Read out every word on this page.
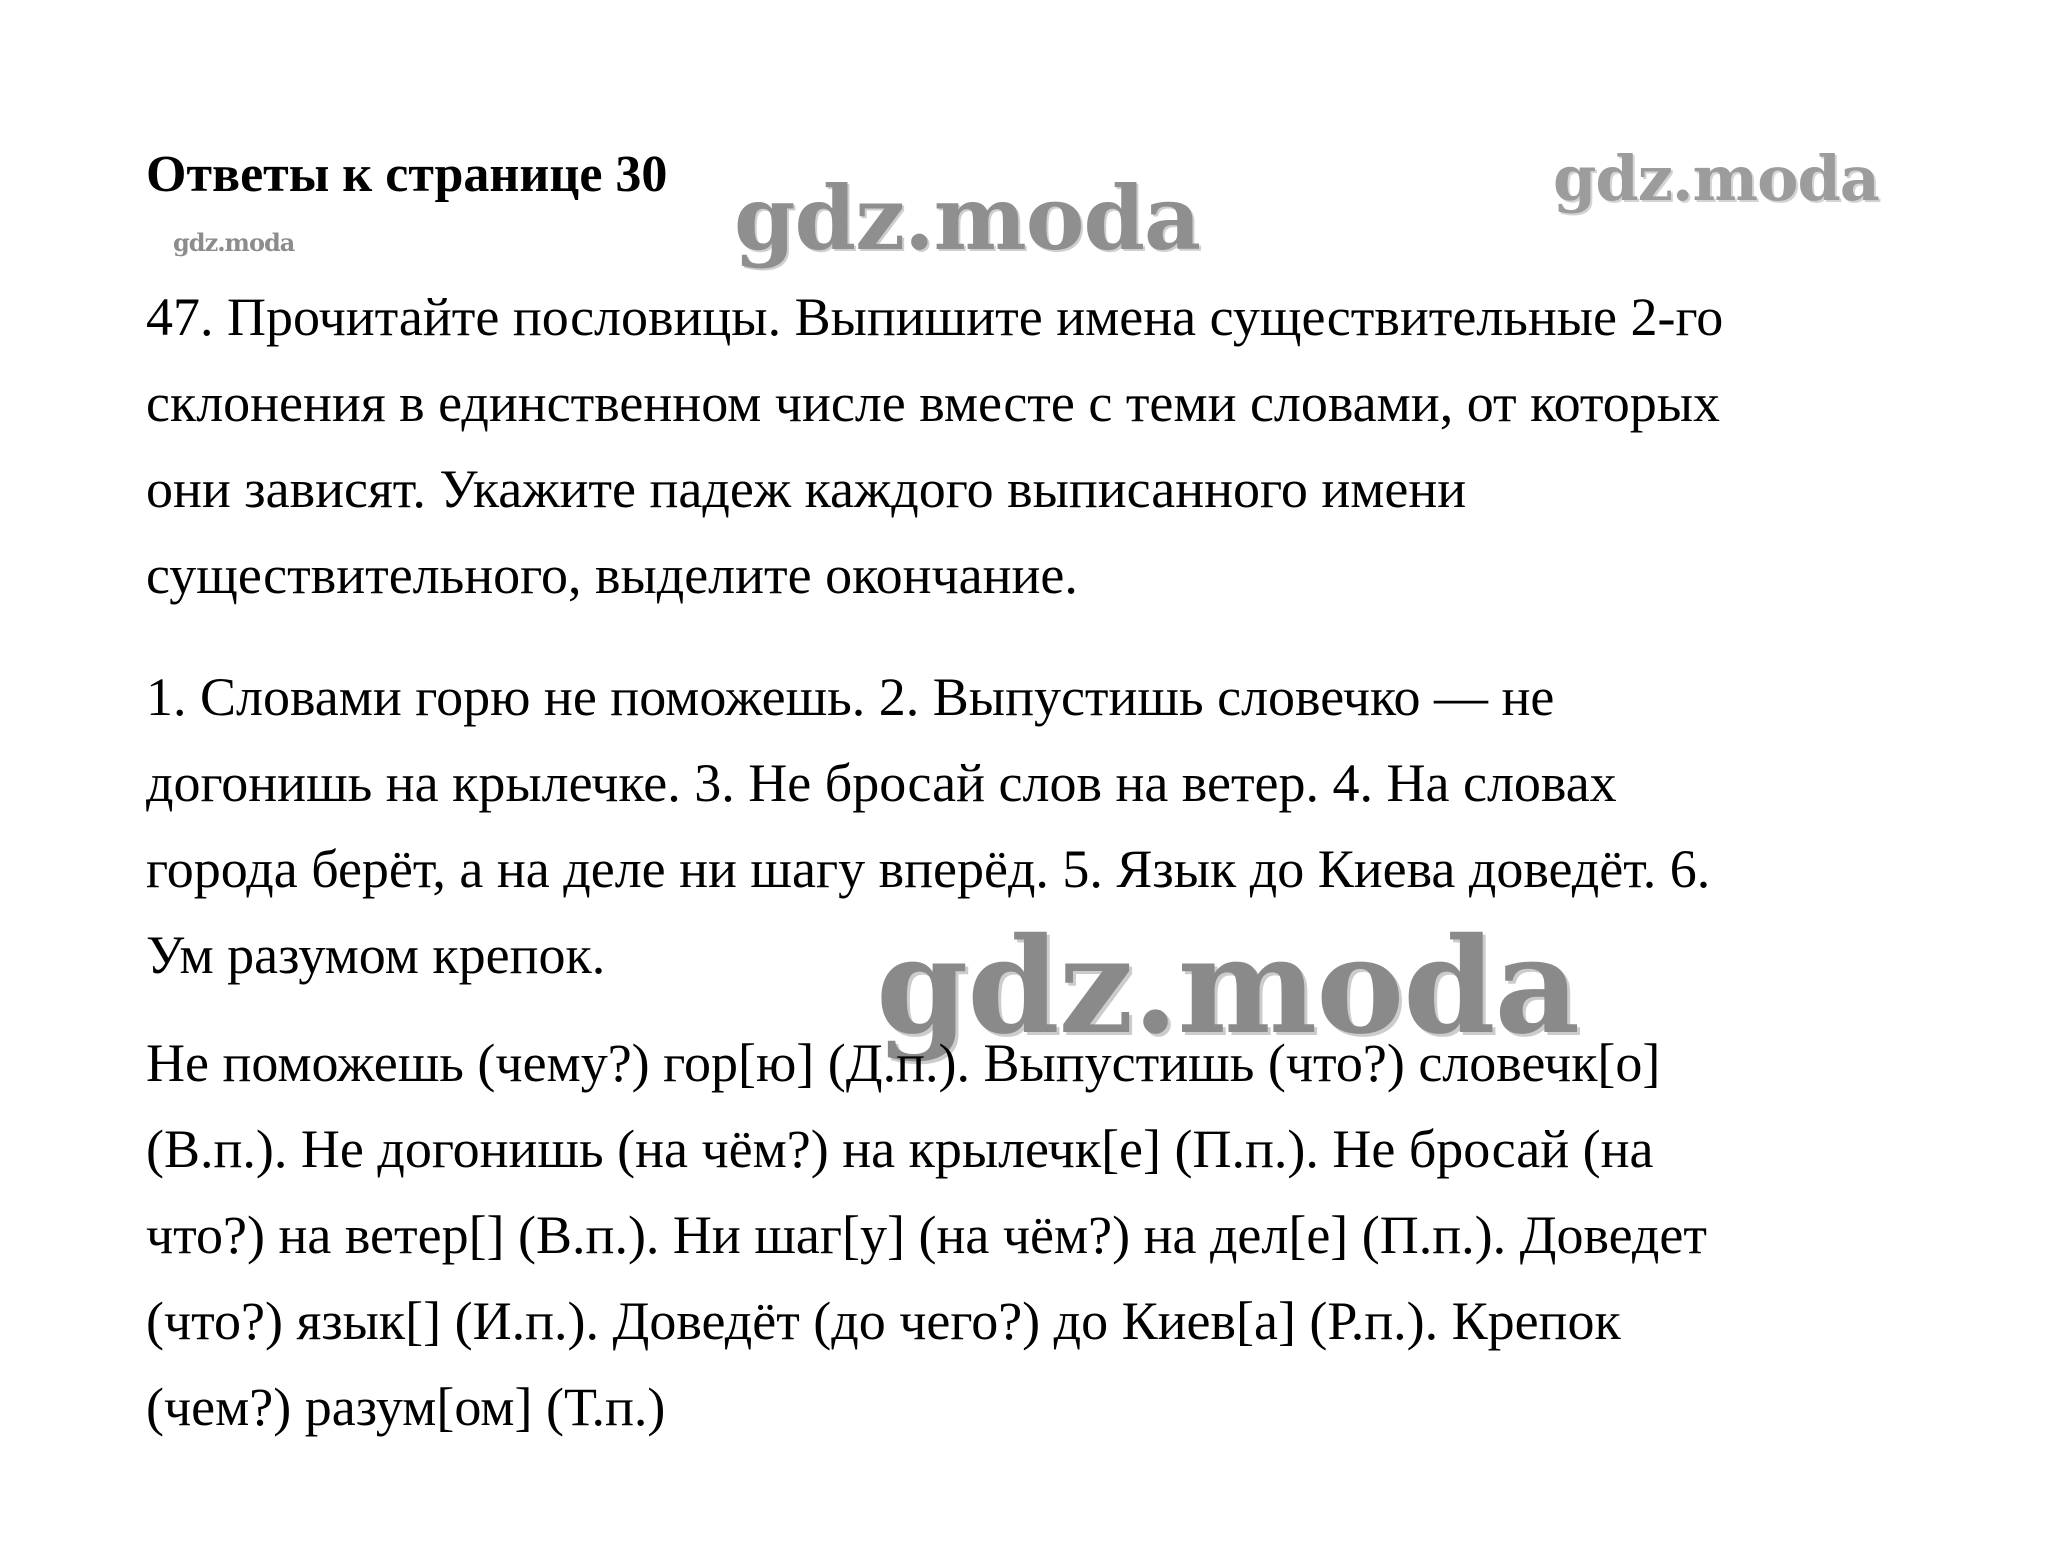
Ответы к странице 30 gdz.moda	gdz.moda
gdz.moda
47. Прочитайте пословицы. Выпишите имена существительные 2-го
склонения в единственном числе вместе с теми словами, от которых
они зависят. Укажите падеж каждого выписанного имени
существительного, выделите окончание.
1. Словами горю не поможешь. 2. Выпустишь словечко — не
догонишь на крылечке. 3. Не бросай слов на ветер. 4. На словах
города берёт, а на деле ни шагу вперёд. 5. Язык до Киева доведёт. 6.
Ум разумом крепок.	gdz.moda
Не поможешь (чему?) гор[ю] (Д.п.). Выпустишь (что?) словечк[о]
(В.п.). Не догонишь (на чём?) на крылечк[е] (П.п.). Не бросай (на
что?) на ветер[] (В.п.). Ни шаг[у] (на чём?) на дел[е] (П.п.). Доведет
(что?) язык[] (И.п.). Доведёт (до чего?) до Киев[а] (Р.п.). Крепок
(чем?) разум[ом] (Т.п.)
